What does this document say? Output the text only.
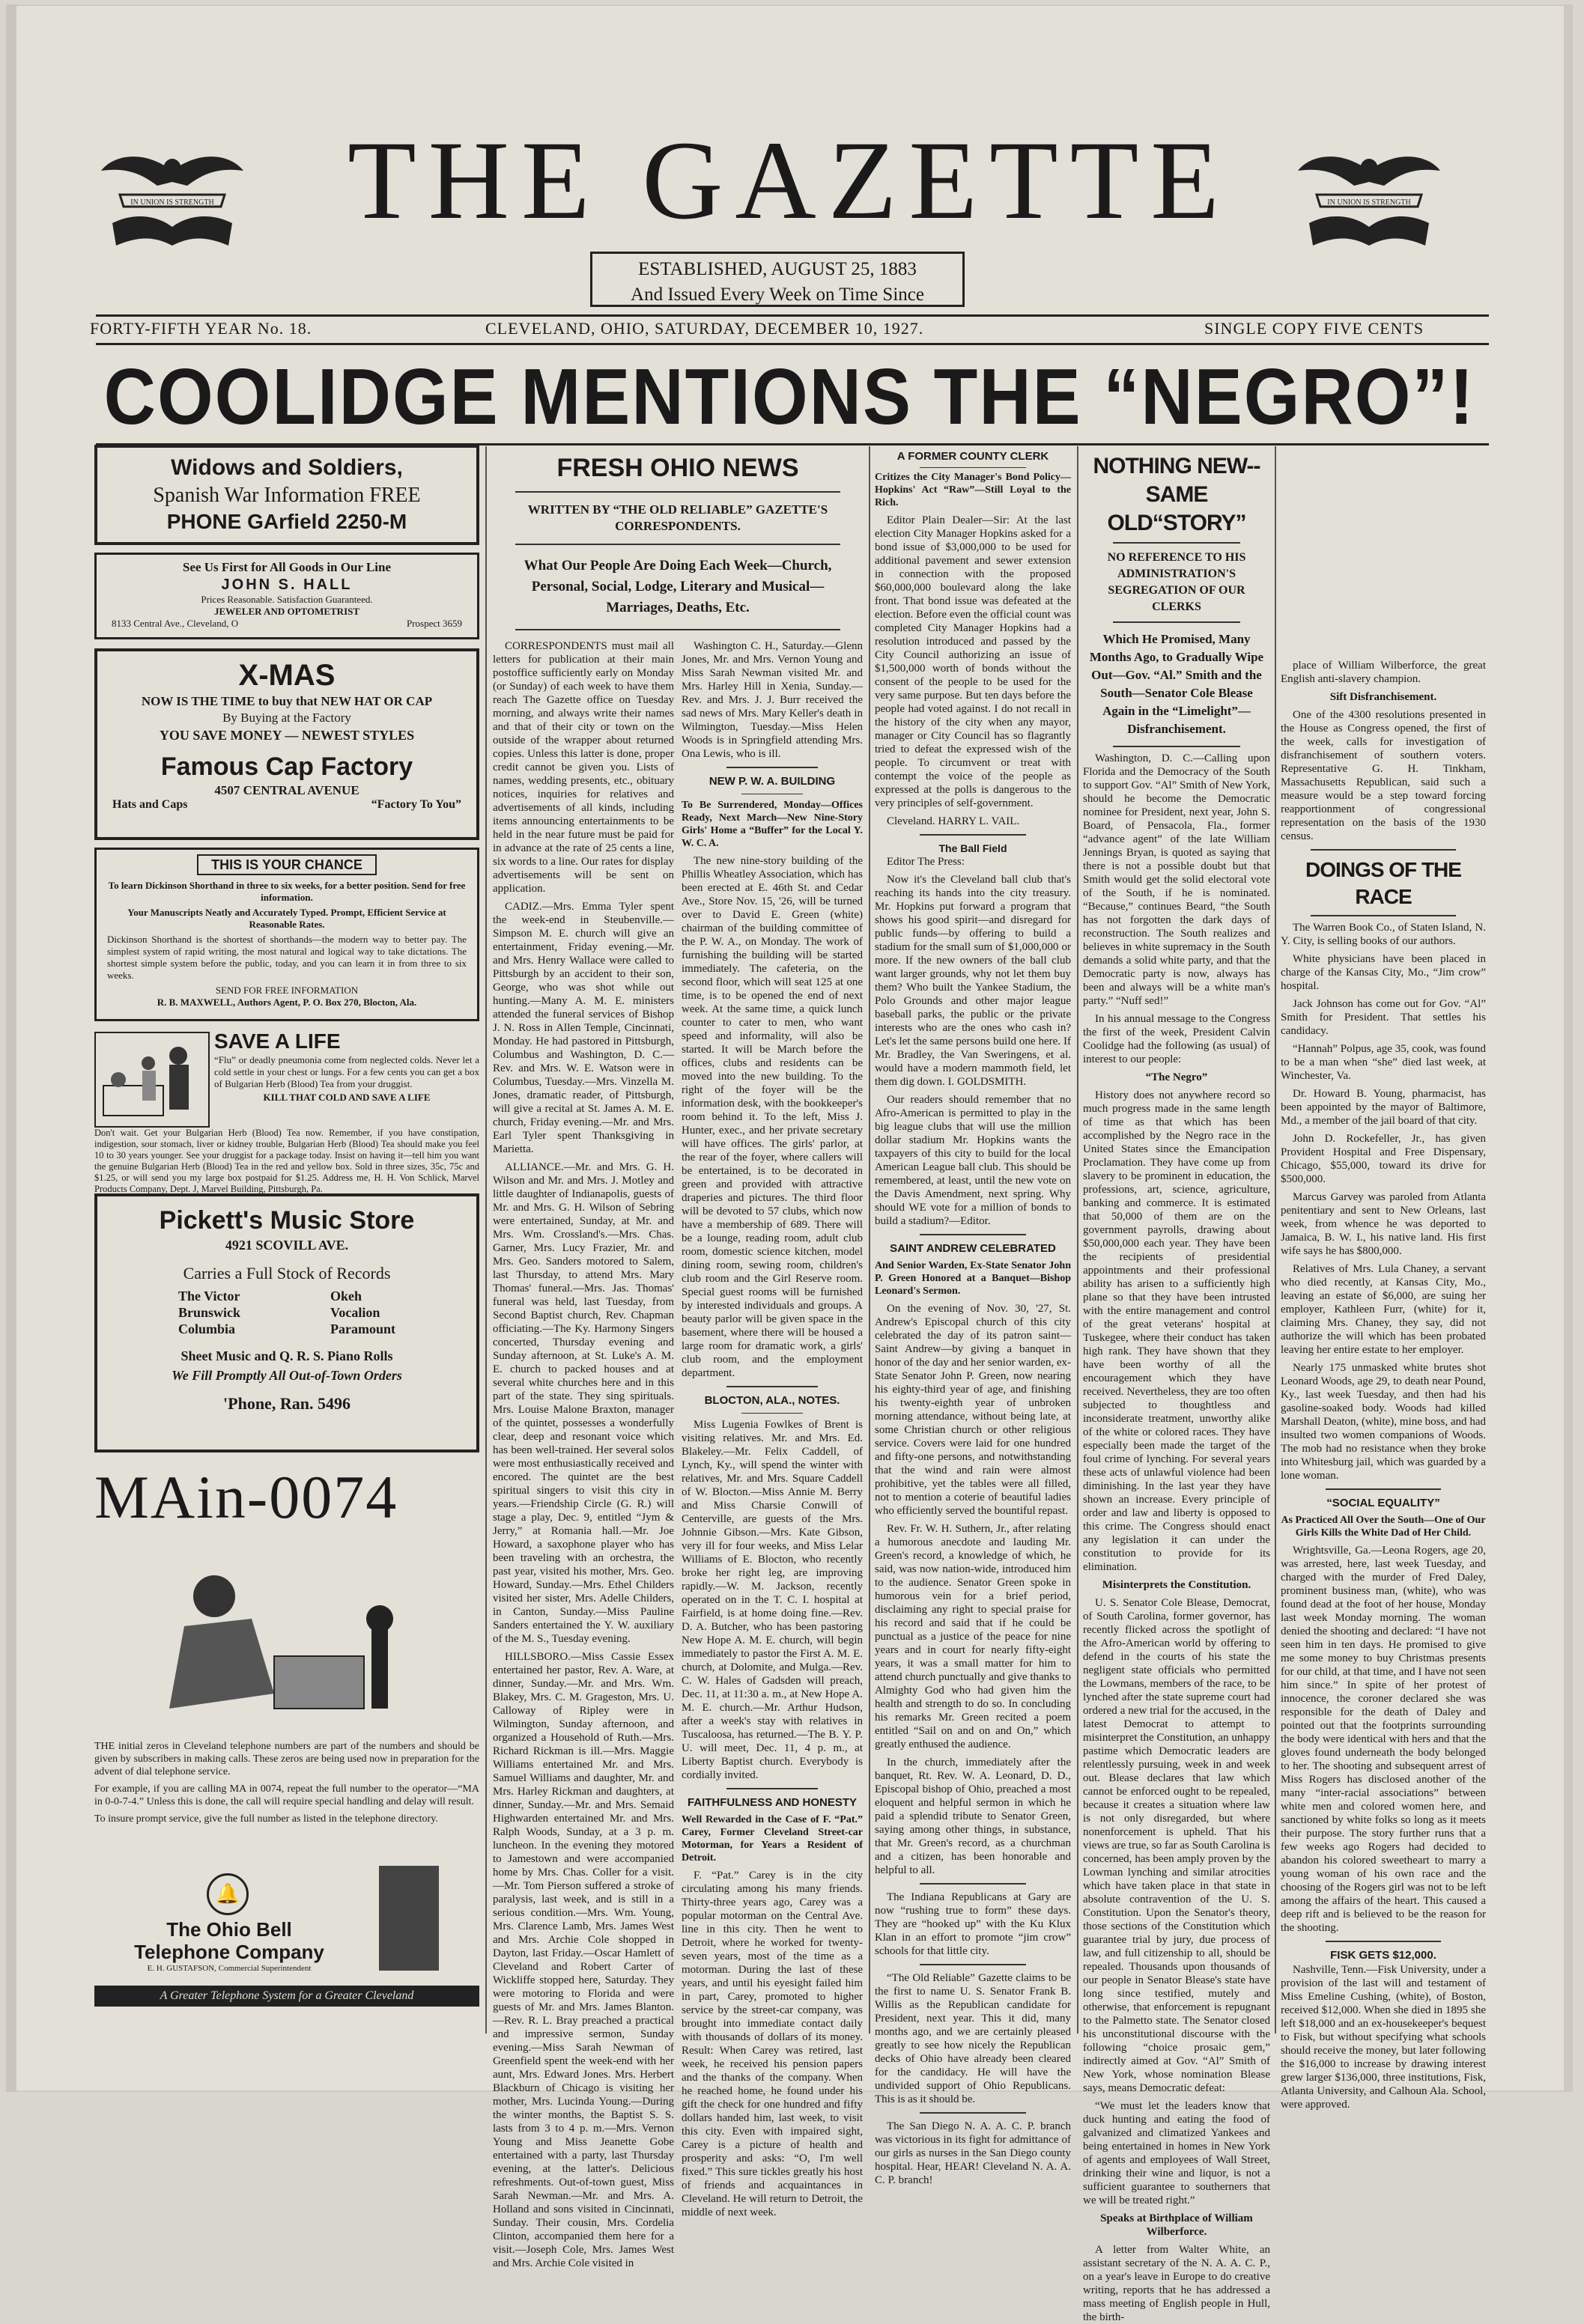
IN UNION IS STRENGTH	IN UNION IS STRENGTH
THE GAZETTE
ESTABLISHED, AUGUST 25, 1883
And Issued Every Week on Time Since
FORTY-FIFTH YEAR No. 18.	CLEVELAND, OHIO, SATURDAY, DECEMBER 10, 1927.	SINGLE COPY FIVE CENTS
COOLIDGE MENTIONS THE “NEGRO”!
Widows and Soldiers,
Spanish War Information FREE
PHONE GArfield 2250-M
See Us First for All Goods in Our Line
JOHN S. HALL
Prices Reasonable. Satisfaction Guaranteed.
JEWELER AND OPTOMETRIST
8133 Central Ave., Cleveland, O	Prospect 3659
X-MAS
NOW IS THE TIME to buy that NEW HAT OR CAP
By Buying at the Factory
YOU SAVE MONEY — NEWEST STYLES
Famous Cap Factory
4507 CENTRAL AVENUE
Hats and Caps	“Factory To You”
THIS IS YOUR CHANCE
To learn Dickinson Shorthand in three to six weeks, for a better position. Send for free information.
Your Manuscripts Neatly and Accurately Typed. Prompt, Efficient Service at Reasonable Rates.
Dickinson Shorthand is the shortest of shorthands—the modern way to better pay. The simplest system of rapid writing, the most natural and logical way to take dictations. The shortest simple system before the public, today, and you can learn it in from three to six weeks.
SEND FOR FREE INFORMATION
R. B. MAXWELL, Authors Agent, P. O. Box 270, Blocton, Ala.
SAVE A LIFE
“Flu” or deadly pneumonia come from neglected colds. Never let a cold settle in your chest or lungs. For a few cents you can get a box of Bulgarian Herb (Blood) Tea from your druggist.
KILL THAT COLD AND SAVE A LIFE
Don't wait. Get your Bulgarian Herb (Blood) Tea now. Remember, if you have constipation, indigestion, sour stomach, liver or kidney trouble, Bulgarian Herb (Blood) Tea should make you feel 10 to 30 years younger. See your druggist for a package today. Insist on having it—tell him you want the genuine Bulgarian Herb (Blood) Tea in the red and yellow box. Sold in three sizes, 35c, 75c and $1.25, or will send you my large box postpaid for $1.25. Address me, H. H. Von Schlick, Marvel Products Company, Dept. J, Marvel Building, Pittsburgh, Pa.
Pickett's Music Store
4921 SCOVILL AVE.
Carries a Full Stock of Records
The Victor
Brunswick
Columbia
Okeh
Vocalion
Paramount
Sheet Music and Q. R. S. Piano Rolls
We Fill Promptly All Out-of-Town Orders
'Phone, Ran. 5496
MAin-0074
THE initial zeros in Cleveland telephone numbers are part of the numbers and should be given by subscribers in making calls. These zeros are being used now in preparation for the advent of dial telephone service.
For example, if you are calling MA in 0074, repeat the full number to the operator—“MA in 0-0-7-4.” Unless this is done, the call will require special handling and delay will result.
To insure prompt service, give the full number as listed in the telephone directory.
🔔
The Ohio Bell
Telephone Company
E. H. GUSTAFSON, Commercial Superintendent
A Greater Telephone System for a Greater Cleveland
FRESH OHIO NEWS
WRITTEN BY “THE OLD RELIABLE” GAZETTE'S CORRESPONDENTS.
What Our People Are Doing Each Week—Church, Personal, Social, Lodge, Literary and Musical—Marriages, Deaths, Etc.

CORRESPONDENTS must mail all letters for publication at their main postoffice sufficiently early on Monday (or Sunday) of each week to have them reach The Gazette office on Tuesday morning, and always write their names and that of their city or town on the outside of the wrapper about returned copies. Unless this latter is done, proper credit cannot be given you. Lists of names, wedding presents, etc., obituary notices, inquiries for relatives and advertisements of all kinds, including items announcing entertainments to be held in the near future must be paid for in advance at the rate of 25 cents a line, six words to a line. Our rates for display advertisements will be sent on application.

CADIZ.—Mrs. Emma Tyler spent the week-end in Steubenville.—Simpson M. E. church will give an entertainment, Friday evening.—Mr. and Mrs. Henry Wallace were called to Pittsburgh by an accident to their son, George, who was shot while out hunting.—Many A. M. E. ministers attended the funeral services of Bishop J. N. Ross in Allen Temple, Cincinnati, Monday. He had pastored in Pittsburgh, Columbus and Washington, D. C.—Rev. and Mrs. W. E. Watson were in Columbus, Tuesday.—Mrs. Vinzella M. Jones, dramatic reader, of Pittsburgh, will give a recital at St. James A. M. E. church, Friday evening.—Mr. and Mrs. Earl Tyler spent Thanksgiving in Marietta.

ALLIANCE.—Mr. and Mrs. G. H. Wilson and Mr. and Mrs. J. Motley and little daughter of Indianapolis, guests of Mr. and Mrs. G. H. Wilson of Sebring were entertained, Sunday, at Mr. and Mrs. Wm. Crossland's.—Mrs. Chas. Garner, Mrs. Lucy Frazier, Mr. and Mrs. Geo. Sanders motored to Salem, last Thursday, to attend Mrs. Mary Thomas' funeral.—Mrs. Jas. Thomas' funeral was held, last Tuesday, from Second Baptist church, Rev. Chapman officiating.—The Ky. Harmony Singers concerted, Thursday evening and Sunday afternoon, at St. Luke's A. M. E. church to packed houses and at several white churches here and in this part of the state. They sing spirituals. Mrs. Louise Malone Braxton, manager of the quintet, possesses a wonderfully clear, deep and resonant voice which has been well-trained. Her several solos were most enthusiastically received and encored. The quintet are the best spiritual singers to visit this city in years.—Friendship Circle (G. R.) will stage a play, Dec. 9, entitled “Jym & Jerry,” at Romania hall.—Mr. Joe Howard, a saxophone player who has been traveling with an orchestra, the past year, visited his mother, Mrs. Geo. Howard, Sunday.—Mrs. Ethel Childers visited her sister, Mrs. Adelle Childers, in Canton, Sunday.—Miss Pauline Sanders entertained the Y. W. auxiliary of the M. S., Tuesday evening.

HILLSBORO.—Miss Cassie Essex entertained her pastor, Rev. A. Ware, at dinner, Sunday.—Mr. and Mrs. Wm. Blakey, Mrs. C. M. Grageston, Mrs. U. Calloway of Ripley were in Wilmington, Sunday afternoon, and organized a Household of Ruth.—Mrs. Richard Rickman is ill.—Mrs. Maggie Williams entertained Mr. and Mrs. Samuel Williams and daughter, Mr. and Mrs. Harley Rickman and daughters, at dinner, Sunday.—Mr. and Mrs. Semaid Highwarden entertained Mr. and Mrs. Ralph Woods, Sunday, at a 3 p. m. luncheon. In the evening they motored to Jamestown and were accompanied home by Mrs. Chas. Coller for a visit.—Mr. Tom Pierson suffered a stroke of paralysis, last week, and is still in a serious condition.—Mrs. Wm. Young, Mrs. Clarence Lamb, Mrs. James West and Mrs. Archie Cole shopped in Dayton, last Friday.—Oscar Hamlett of Cleveland and Robert Carter of Wickliffe stopped here, Saturday. They were motoring to Florida and were guests of Mr. and Mrs. James Blanton.—Rev. R. L. Bray preached a practical and impressive sermon, Sunday evening.—Miss Sarah Newman of Greenfield spent the week-end with her aunt, Mrs. Edward Jones. Mrs. Herbert Blackburn of Chicago is visiting her mother, Mrs. Lucinda Young.—During the winter months, the Baptist S. S. lasts from 3 to 4 p. m.—Mrs. Vernon Young and Miss Jeanette Gobe entertained with a party, last Thursday evening, at the latter's. Delicious refreshments. Out-of-town guest, Miss Sarah Newman.—Mr. and Mrs. A. Holland and sons visited in Cincinnati, Sunday. Their cousin, Mrs. Cordelia Clinton, accompanied them here for a visit.—Joseph Cole, Mrs. James West and Mrs. Archie Cole visited in

Washington C. H., Saturday.—Glenn Jones, Mr. and Mrs. Vernon Young and Miss Sarah Newman visited Mr. and Mrs. Harley Hill in Xenia, Sunday.—Rev. and Mrs. J. J. Burr received the sad news of Mrs. Mary Keller's death in Wilmington, Tuesday.—Miss Helen Woods is in Springfield attending Mrs. Ona Lewis, who is ill.

NEW P. W. A. BUILDING
To Be Surrendered, Monday—Offices Ready, Next March—New Nine-Story Girls' Home a “Buffer” for the Local Y. W. C. A.

The new nine-story building of the Phillis Wheatley Association, which has been erected at E. 46th St. and Cedar Ave., Store Nov. 15, '26, will be turned over to David E. Green (white) chairman of the building committee of the P. W. A., on Monday. The work of furnishing the building will be started immediately. The cafeteria, on the second floor, which will seat 125 at one time, is to be opened the end of next week. At the same time, a quick lunch counter to cater to men, who want speed and informality, will also be started. It will be March before the offices, clubs and residents can be moved into the new building. To the right of the foyer will be the information desk, with the bookkeeper's room behind it. To the left, Miss J. Hunter, exec., and her private secretary will have offices. The girls' parlor, at the rear of the foyer, where callers will be entertained, is to be decorated in green and provided with attractive draperies and pictures. The third floor will be devoted to 57 clubs, which now have a membership of 689. There will be a lounge, reading room, adult club room, domestic science kitchen, model dining room, sewing room, children's club room and the Girl Reserve room. Special guest rooms will be furnished by interested individuals and groups. A beauty parlor will be given space in the basement, where there will be housed a large room for dramatic work, a girls' club room, and the employment department.

BLOCTON, ALA., NOTES.

Miss Lugenia Fowlkes of Brent is visiting relatives. Mr. and Mrs. Ed. Blakeley.—Mr. Felix Caddell, of Lynch, Ky., will spend the winter with relatives, Mr. and Mrs. Square Caddell of W. Blocton.—Miss Annie M. Berry and Miss Charsie Conwill of Centerville, are guests of the Mrs. Johnnie Gibson.—Mrs. Kate Gibson, very ill for four weeks, and Miss Lelar Williams of E. Blocton, who recently broke her right leg, are improving rapidly.—W. M. Jackson, recently operated on in the T. C. I. hospital at Fairfield, is at home doing fine.—Rev. D. A. Butcher, who has been pastoring New Hope A. M. E. church, will begin immediately to pastor the First A. M. E. church, at Dolomite, and Mulga.—Rev. C. W. Hales of Gadsden will preach, Dec. 11, at 11:30 a. m., at New Hope A. M. E. church.—Mr. Arthur Hudson, after a week's stay with relatives in Tuscaloosa, has returned.—The B. Y. P. U. will meet, Dec. 11, 4 p. m., at Liberty Baptist church. Everybody is cordially invited.

FAITHFULNESS AND HONESTY
Well Rewarded in the Case of F. “Pat.” Carey, Former Cleveland Street-car Motorman, for Years a Resident of Detroit.

F. “Pat.” Carey is in the city circulating among his many friends. Thirty-three years ago, Carey was a popular motorman on the Central Ave. line in this city. Then he went to Detroit, where he worked for twenty-seven years, most of the time as a motorman. During the last of these years, and until his eyesight failed him in part, Carey, promoted to higher service by the street-car company, was brought into immediate contact daily with thousands of dollars of its money. Result: When Carey was retired, last week, he received his pension papers and the thanks of the company. When he reached home, he found under his gift the check for one hundred and fifty dollars handed him, last week, to visit this city. Even with impaired sight, Carey is a picture of health and prosperity and asks: “O, I'm well fixed.” This sure tickles greatly his host of friends and acquaintances in Cleveland. He will return to Detroit, the middle of next week.

A FORMER COUNTY CLERK
Critizes the City Manager's Bond Policy—Hopkins' Act “Raw”—Still Loyal to the Rich.

Editor Plain Dealer—Sir: At the last election City Manager Hopkins asked for a bond issue of $3,000,000 to be used for additional pavement and sewer extension in connection with the proposed $60,000,000 boulevard along the lake front. That bond issue was defeated at the election. Before even the official count was completed City Manager Hopkins had a resolution introduced and passed by the City Council authorizing an issue of $1,500,000 worth of bonds without the consent of the people to be used for the very same purpose. But ten days before the people had voted against. I do not recall in the history of the city when any mayor, manager or City Council has so flagrantly tried to defeat the expressed wish of the people. To circumvent or treat with contempt the voice of the people as expressed at the polls is dangerous to the very principles of self-government.

Cleveland. HARRY L. VAIL.

The Ball Field

Editor The Press:

Now it's the Cleveland ball club that's reaching its hands into the city treasury. Mr. Hopkins put forward a program that shows his good spirit—and disregard for public funds—by offering to build a stadium for the small sum of $1,000,000 or more. If the new owners of the ball club want larger grounds, why not let them buy them? Who built the Yankee Stadium, the Polo Grounds and other major league baseball parks, the public or the private interests who are the ones who cash in? Let's let the same persons build one here. If Mr. Bradley, the Van Sweringens, et al. would have a modern mammoth field, let them dig down. I. GOLDSMITH.

Our readers should remember that no Afro-American is permitted to play in the big league clubs that will use the million dollar stadium Mr. Hopkins wants the taxpayers of this city to build for the local American League ball club. This should be remembered, at least, until the new vote on the Davis Amendment, next spring. Why should WE vote for a million of bonds to build a stadium?—Editor.

SAINT ANDREW CELEBRATED
And Senior Warden, Ex-State Senator John P. Green Honored at a Banquet—Bishop Leonard's Sermon.

On the evening of Nov. 30, '27, St. Andrew's Episcopal church of this city celebrated the day of its patron saint—Saint Andrew—by giving a banquet in honor of the day and her senior warden, ex-State Senator John P. Green, now nearing his eighty-third year of age, and finishing his twenty-eighth year of unbroken morning attendance, without being late, at some Christian church or other religious service. Covers were laid for one hundred and fifty-one persons, and notwithstanding that the wind and rain were almost prohibitive, yet the tables were all filled, not to mention a coterie of beautiful ladies who efficiently served the bountiful repast.

Rev. Fr. W. H. Suthern, Jr., after relating a humorous anecdote and lauding Mr. Green's record, a knowledge of which, he said, was now nation-wide, introduced him to the audience. Senator Green spoke in humorous vein for a brief period, disclaiming any right to special praise for his record and said that if he could be punctual as a justice of the peace for nine years and in court for nearly fifty-eight years, it was a small matter for him to attend church punctually and give thanks to Almighty God who had given him the health and strength to do so. In concluding his remarks Mr. Green recited a poem entitled “Sail on and on and On,” which greatly enthused the audience.

In the church, immediately after the banquet, Rt. Rev. W. A. Leonard, D. D., Episcopal bishop of Ohio, preached a most eloquent and helpful sermon in which he paid a splendid tribute to Senator Green, saying among other things, in substance, that Mr. Green's record, as a churchman and a citizen, has been honorable and helpful to all.

The Indiana Republicans at Gary are now “rushing true to form” these days. They are “hooked up” with the Ku Klux Klan in an effort to promote “jim crow” schools for that little city.

“The Old Reliable” Gazette claims to be the first to name U. S. Senator Frank B. Willis as the Republican candidate for President, next year. This it did, many months ago, and we are certainly pleased greatly to see how nicely the Republican decks of Ohio have already been cleared for the candidacy. He will have the undivided support of Ohio Republicans. This is as it should be.

The San Diego N. A. A. C. P. branch was victorious in its fight for admittance of our girls as nurses in the San Diego county hospital. Hear, HEAR! Cleveland N. A. A. C. P. branch!

NOTHING NEW--SAME OLD“STORY”
NO REFERENCE TO HIS ADMINISTRATION'S SEGREGATION OF OUR CLERKS
Which He Promised, Many Months Ago, to Gradually Wipe Out—Gov. “Al.” Smith and the South—Senator Cole Blease Again in the “Limelight”—Disfranchisement.

Washington, D. C.—Calling upon Florida and the Democracy of the South to support Gov. “Al” Smith of New York, should he become the Democratic nominee for President, next year, John S. Board, of Pensacola, Fla., former “advance agent” of the late William Jennings Bryan, is quoted as saying that there is not a possible doubt but that Smith would get the solid electoral vote of the South, if he is nominated. “Because,” continues Beard, “the South has not forgotten the dark days of reconstruction. The South realizes and believes in white supremacy in the South demands a solid white party, and that the Democratic party is now, always has been and always will be a white man's party.” “Nuff sed!”

In his annual message to the Congress the first of the week, President Calvin Coolidge had the following (as usual) of interest to our people:

“The Negro”

History does not anywhere record so much progress made in the same length of time as that which has been accomplished by the Negro race in the United States since the Emancipation Proclamation. They have come up from slavery to be prominent in education, the professions, art, science, agriculture, banking and commerce. It is estimated that 50,000 of them are on the government payrolls, drawing about $50,000,000 each year. They have been the recipients of presidential appointments and their professional ability has arisen to a sufficiently high plane so that they have been intrusted with the entire management and control of the great veterans' hospital at Tuskegee, where their conduct has taken high rank. They have shown that they have been worthy of all the encouragement which they have received. Nevertheless, they are too often subjected to thoughtless and inconsiderate treatment, unworthy alike of the white or colored races. They have especially been made the target of the foul crime of lynching. For several years these acts of unlawful violence had been diminishing. In the last year they have shown an increase. Every principle of order and law and liberty is opposed to this crime. The Congress should enact any legislation it can under the constitution to provide for its elimination.

Misinterprets the Constitution.

U. S. Senator Cole Blease, Democrat, of South Carolina, former governor, has recently flicked across the spotlight of the Afro-American world by offering to defend in the courts of his state the negligent state officials who permitted the Lowmans, members of the race, to be lynched after the state supreme court had ordered a new trial for the accused, in the latest Democrat to attempt to misinterpret the Constitution, an unhappy pastime which Democratic leaders are relentlessly pursuing, week in and week out. Blease declares that law which cannot be enforced ought to be repealed, because it creates a situation where law is not only disregarded, but where nonenforcement is upheld. That his views are true, so far as South Carolina is concerned, has been amply proven by the Lowman lynching and similar atrocities which have taken place in that state in absolute contravention of the U. S. Constitution. Upon the Senator's theory, those sections of the Constitution which guarantee trial by jury, due process of law, and full citizenship to all, should be repealed. Thousands upon thousands of our people in Senator Blease's state have long since testified, mutely and otherwise, that enforcement is repugnant to the Palmetto state. The Senator closed his unconstitutional discourse with the following “choice prosaic gem,” indirectly aimed at Gov. “Al” Smith of New York, whose nomination Blease says, means Democratic defeat:

“We must let the leaders know that duck hunting and eating the food of galvanized and climatized Yankees and being entertained in homes in New York of agents and employees of Wall Street, drinking their wine and liquor, is not a sufficient guarantee to southerners that we will be treated right.”

Speaks at Birthplace of William Wilberforce.

A letter from Walter White, an assistant secretary of the N. A. A. C. P., on a year's leave in Europe to do creative writing, reports that he has addressed a mass meeting of English people in Hull, the birth-

place of William Wilberforce, the great English anti-slavery champion.

Sift Disfranchisement.

One of the 4300 resolutions presented in the House as Congress opened, the first of the week, calls for investigation of disfranchisement of southern voters. Representative G. H. Tinkham, Massachusetts Republican, said such a measure would be a step toward forcing reapportionment of congressional representation on the basis of the 1930 census.

DOINGS OF THE RACE

The Warren Book Co., of Staten Island, N. Y. City, is selling books of our authors.

White physicians have been placed in charge of the Kansas City, Mo., “Jim crow” hospital.

Jack Johnson has come out for Gov. “Al” Smith for President. That settles his candidacy.

“Hannah” Polpus, age 35, cook, was found to be a man when “she” died last week, at Winchester, Va.

Dr. Howard B. Young, pharmacist, has been appointed by the mayor of Baltimore, Md., a member of the jail board of that city.

John D. Rockefeller, Jr., has given Provident Hospital and Free Dispensary, Chicago, $55,000, toward its drive for $500,000.

Marcus Garvey was paroled from Atlanta penitentiary and sent to New Orleans, last week, from whence he was deported to Jamaica, B. W. I., his native land. His first wife says he has $800,000.

Relatives of Mrs. Lula Chaney, a servant who died recently, at Kansas City, Mo., leaving an estate of $6,000, are suing her employer, Kathleen Furr, (white) for it, claiming Mrs. Chaney, they say, did not authorize the will which has been probated leaving her entire estate to her employer.

Nearly 175 unmasked white brutes shot Leonard Woods, age 29, to death near Pound, Ky., last week Tuesday, and then had his gasoline-soaked body. Woods had killed Marshall Deaton, (white), mine boss, and had insulted two women companions of Woods. The mob had no resistance when they broke into Whitesburg jail, which was guarded by a lone woman.

“SOCIAL EQUALITY”
As Practiced All Over the South—One of Our Girls Kills the White Dad of Her Child.

Wrightsville, Ga.—Leona Rogers, age 20, was arrested, here, last week Tuesday, and charged with the murder of Fred Daley, prominent business man, (white), who was found dead at the foot of her house, Monday last week Monday morning. The woman denied the shooting and declared: “I have not seen him in ten days. He promised to give me some money to buy Christmas presents for our child, at that time, and I have not seen him since.” In spite of her protest of innocence, the coroner declared she was responsible for the death of Daley and pointed out that the footprints surrounding the body were identical with hers and that the gloves found underneath the body belonged to her. The shooting and subsequent arrest of Miss Rogers has disclosed another of the many “inter-racial associations” between white men and colored women here, and sanctioned by white folks so long as it meets their purpose. The story further runs that a few weeks ago Rogers had decided to abandon his colored sweetheart to marry a young woman of his own race and the choosing of the Rogers girl was not to be left among the affairs of the heart. This caused a deep rift and is believed to be the reason for the shooting.

FISK GETS $12,000.

Nashville, Tenn.—Fisk University, under a provision of the last will and testament of Miss Emeline Cushing, (white), of Boston, received $12,000. When she died in 1895 she left $18,000 and an ex-housekeeper's bequest to Fisk, but without specifying what schools should receive the money, but later following the $16,000 to increase by drawing interest grew larger $136,000, three institutions, Fisk, Atlanta University, and Calhoun Ala. School, were approved.
